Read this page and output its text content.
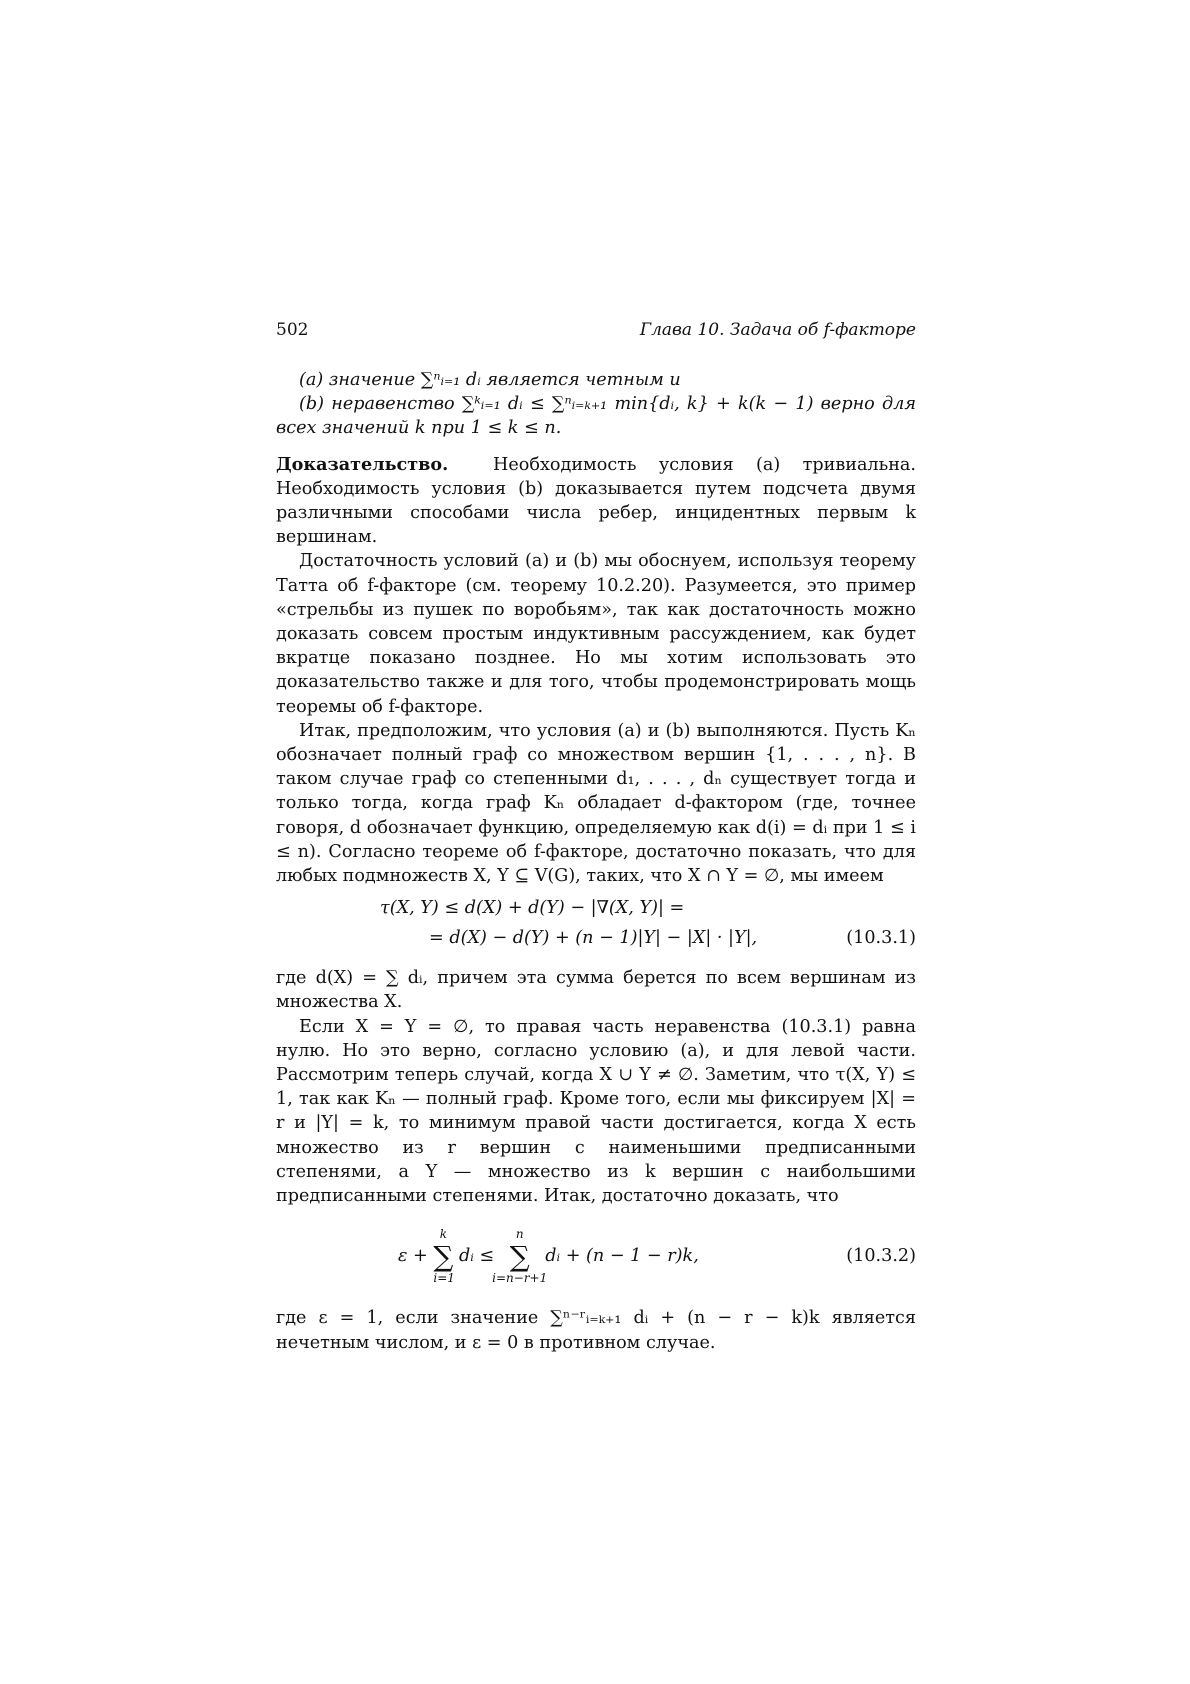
502	Глава 10. Задача об f-факторе

(a) значение ∑ⁿᵢ₌₁ dᵢ является четным и

(b) неравенство ∑ᵏᵢ₌₁ dᵢ ≤ ∑ⁿᵢ₌ₖ₊₁ min{dᵢ, k} + k(k − 1) верно для всех значений k при 1 ≤ k ≤ n.

Доказательство.	Необходимость условия (a) тривиальна. Необходимость условия (b) доказывается путем подсчета двумя различными способами числа ребер, инцидентных первым k вершинам.

Достаточность условий (a) и (b) мы обоснуем, используя теорему Татта об f-факторе (см. теорему 10.2.20). Разумеется, это пример «стрельбы из пушек по воробьям», так как достаточность можно доказать совсем простым индуктивным рассуждением, как будет вкратце показано позднее. Но мы хотим использовать это доказательство также и для того, чтобы продемонстрировать мощь теоремы об f-факторе.

Итак, предположим, что условия (a) и (b) выполняются. Пусть Kₙ обозначает полный граф со множеством вершин {1, . . . , n}. В таком случае граф со степенными d₁, . . . , dₙ существует тогда и только тогда, когда граф Kₙ обладает d-фактором (где, точнее говоря, d обозначает функцию, определяемую как d(i) = dᵢ при 1 ≤ i ≤ n). Согласно теореме об f-факторе, достаточно показать, что для любых подмножеств X, Y ⊆ V(G), таких, что X ∩ Y = ∅, мы имеем

τ(X, Y) ≤ d(X) + d(Y) − |∇(X, Y)| =
= d(X) − d(Y) + (n − 1)|Y| − |X| · |Y|,	(10.3.1)

где d(X) = ∑ dᵢ, причем эта сумма берется по всем вершинам из множества X.

Если X = Y = ∅, то правая часть неравенства (10.3.1) равна нулю. Но это верно, согласно условию (a), и для левой части. Рассмотрим теперь случай, когда X ∪ Y ≠ ∅. Заметим, что τ(X, Y) ≤ 1, так как Kₙ — полный граф. Кроме того, если мы фиксируем |X| = r и |Y| = k, то минимум правой части достигается, когда X есть множество из r вершин с наименьшими предписанными степенями, а Y — множество из k вершин с наибольшими предписанными степенями. Итак, достаточно доказать, что

ε +
k
∑
i=1
dᵢ ≤
n
∑
i=n−r+1
dᵢ + (n − 1 − r)k,	(10.3.2)

где ε = 1, если значение ∑ⁿ⁻ʳᵢ₌ₖ₊₁ dᵢ + (n − r − k)k является нечетным числом, и ε = 0 в противном случае.
